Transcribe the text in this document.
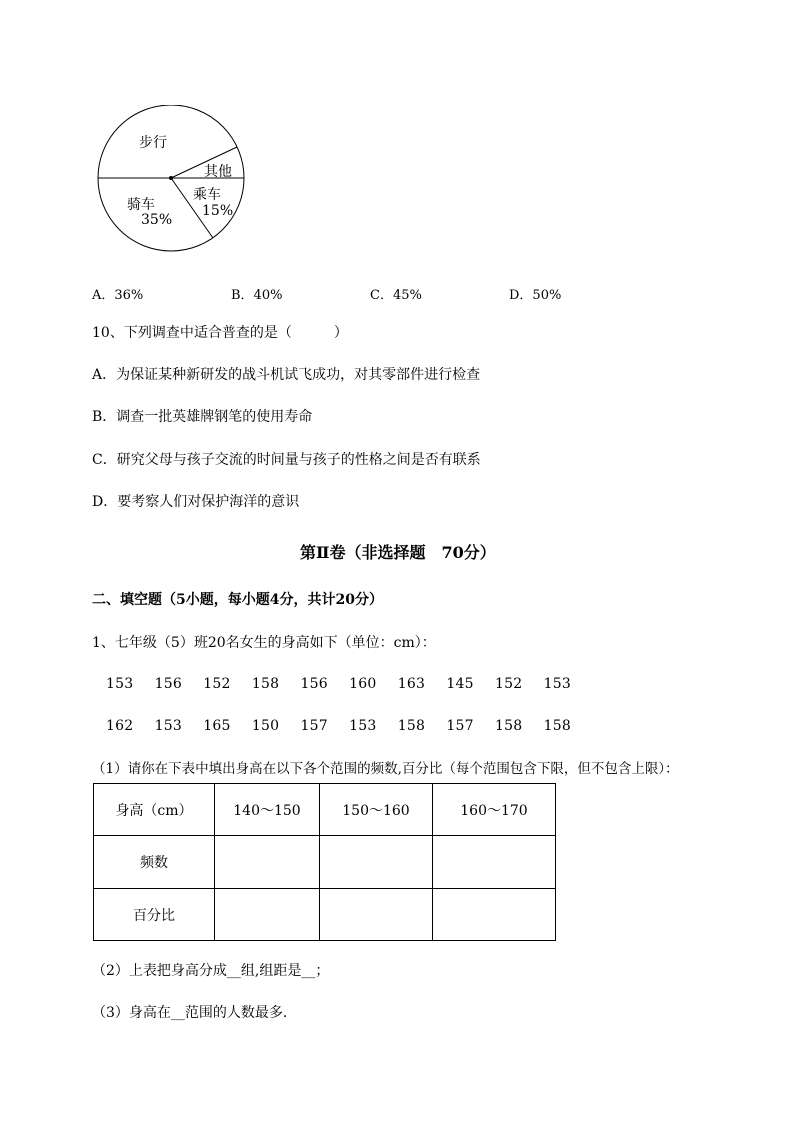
步行
其他
乘车
15%
骑车
35%
A．36%	B．40%	C．45%	D．50%
10、下列调查中适合普查的是（　　　）
A．为保证某种新研发的战斗机试飞成功，对其零部件进行检查
B．调查一批英雄牌钢笔的使用寿命
C．研究父母与孩子交流的时间量与孩子的性格之间是否有联系
D．要考察人们对保护海洋的意识
第Ⅱ卷（非选择题　70分）
二、填空题（5小题，每小题4分，共计20分）
1、七年级（5）班20名女生的身高如下（单位：cm）：
153  156  152  158  156  160  163  145  152  153
162  153  165  150  157  153  158  157  158  158
（1）请你在下表中填出身高在以下各个范围的频数,百分比（每个范围包含下限，但不包含上限）：
身高（cm）	140～150	150～160	160～170
频数			
百分比			
（2）上表把身高分成__组,组距是__；
（3）身高在__范围的人数最多．
